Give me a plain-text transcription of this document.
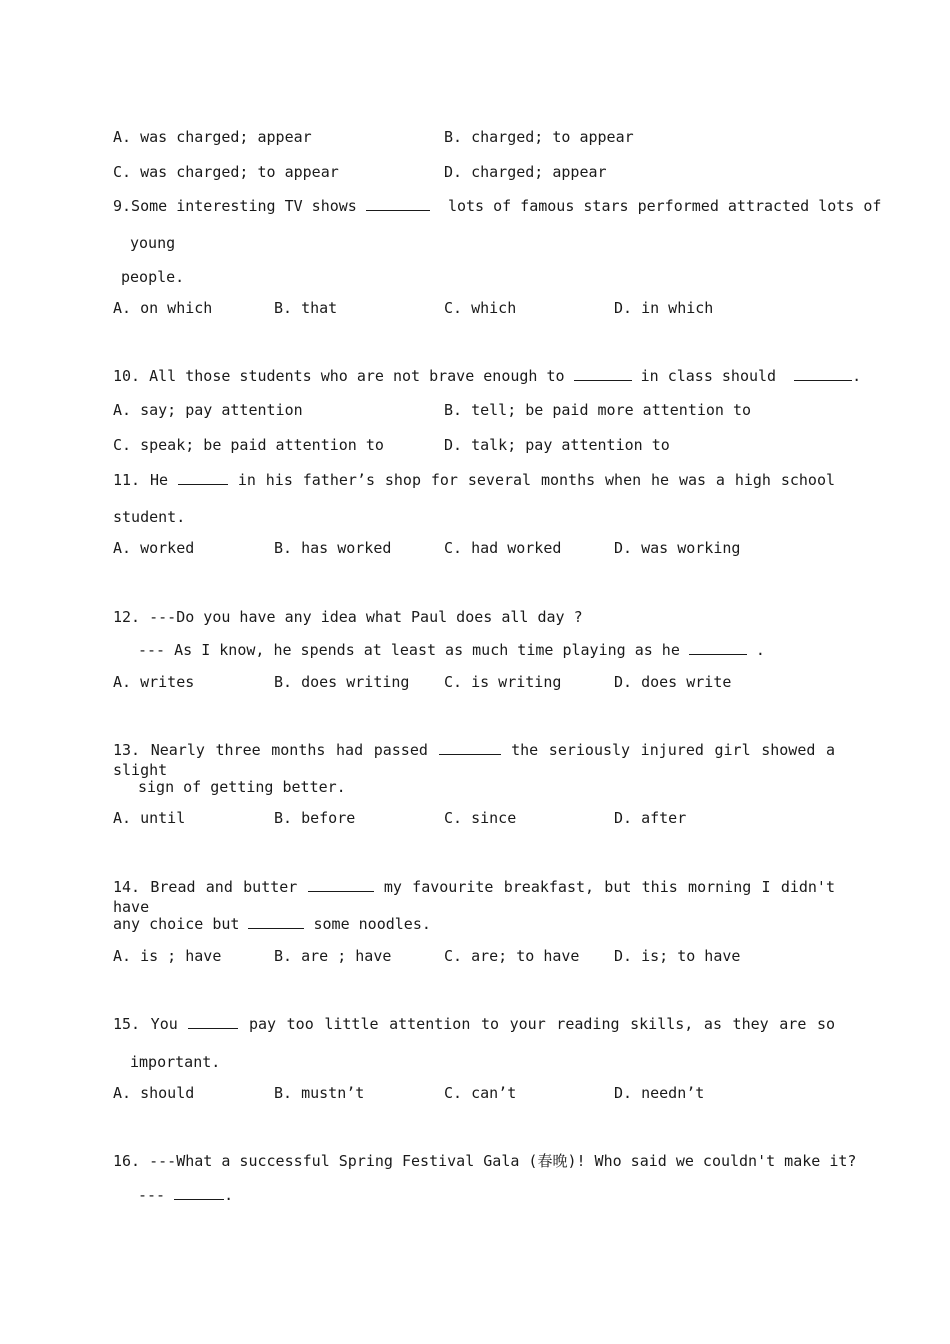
A. was charged; appear	B. charged; to appear
C. was charged; to appear	D. charged; appear
9.Some interesting TV shows	lots of famous stars performed attracted lots of
young
people.
A. on which	B. that	C. which	D. in which
10. All those students who are not brave enough to	in class should	.
A. say; pay attention	B. tell; be paid more attention to
C. speak; be paid attention to	D. talk; pay attention to
11. He	in his father’s shop for several months when he was a high school
student.
A. worked	B. has worked	C. had worked	D. was working
12. ---Do you have any idea what Paul does all day ?
--- As I know, he spends at least as much time playing as he	.
A. writes	B. does writing C. is writing	D. does write
13. Nearly three months had passed	the seriously injured girl showed a slight
sign of getting better.
A. until	B. before	C. since	D. after
14. Bread and butter	my favourite breakfast, but this morning I didn't have
any choice but	some noodles.
A. is ; have	B. are ; have	C. are; to have D. is; to have
15. You	pay too little attention to your reading skills, as they are so
important.
A. should	B. mustn’t	C. can’t	D. needn’t
16. ---What a successful Spring Festival Gala (春晚)! Who said we couldn't make it?
---	.
